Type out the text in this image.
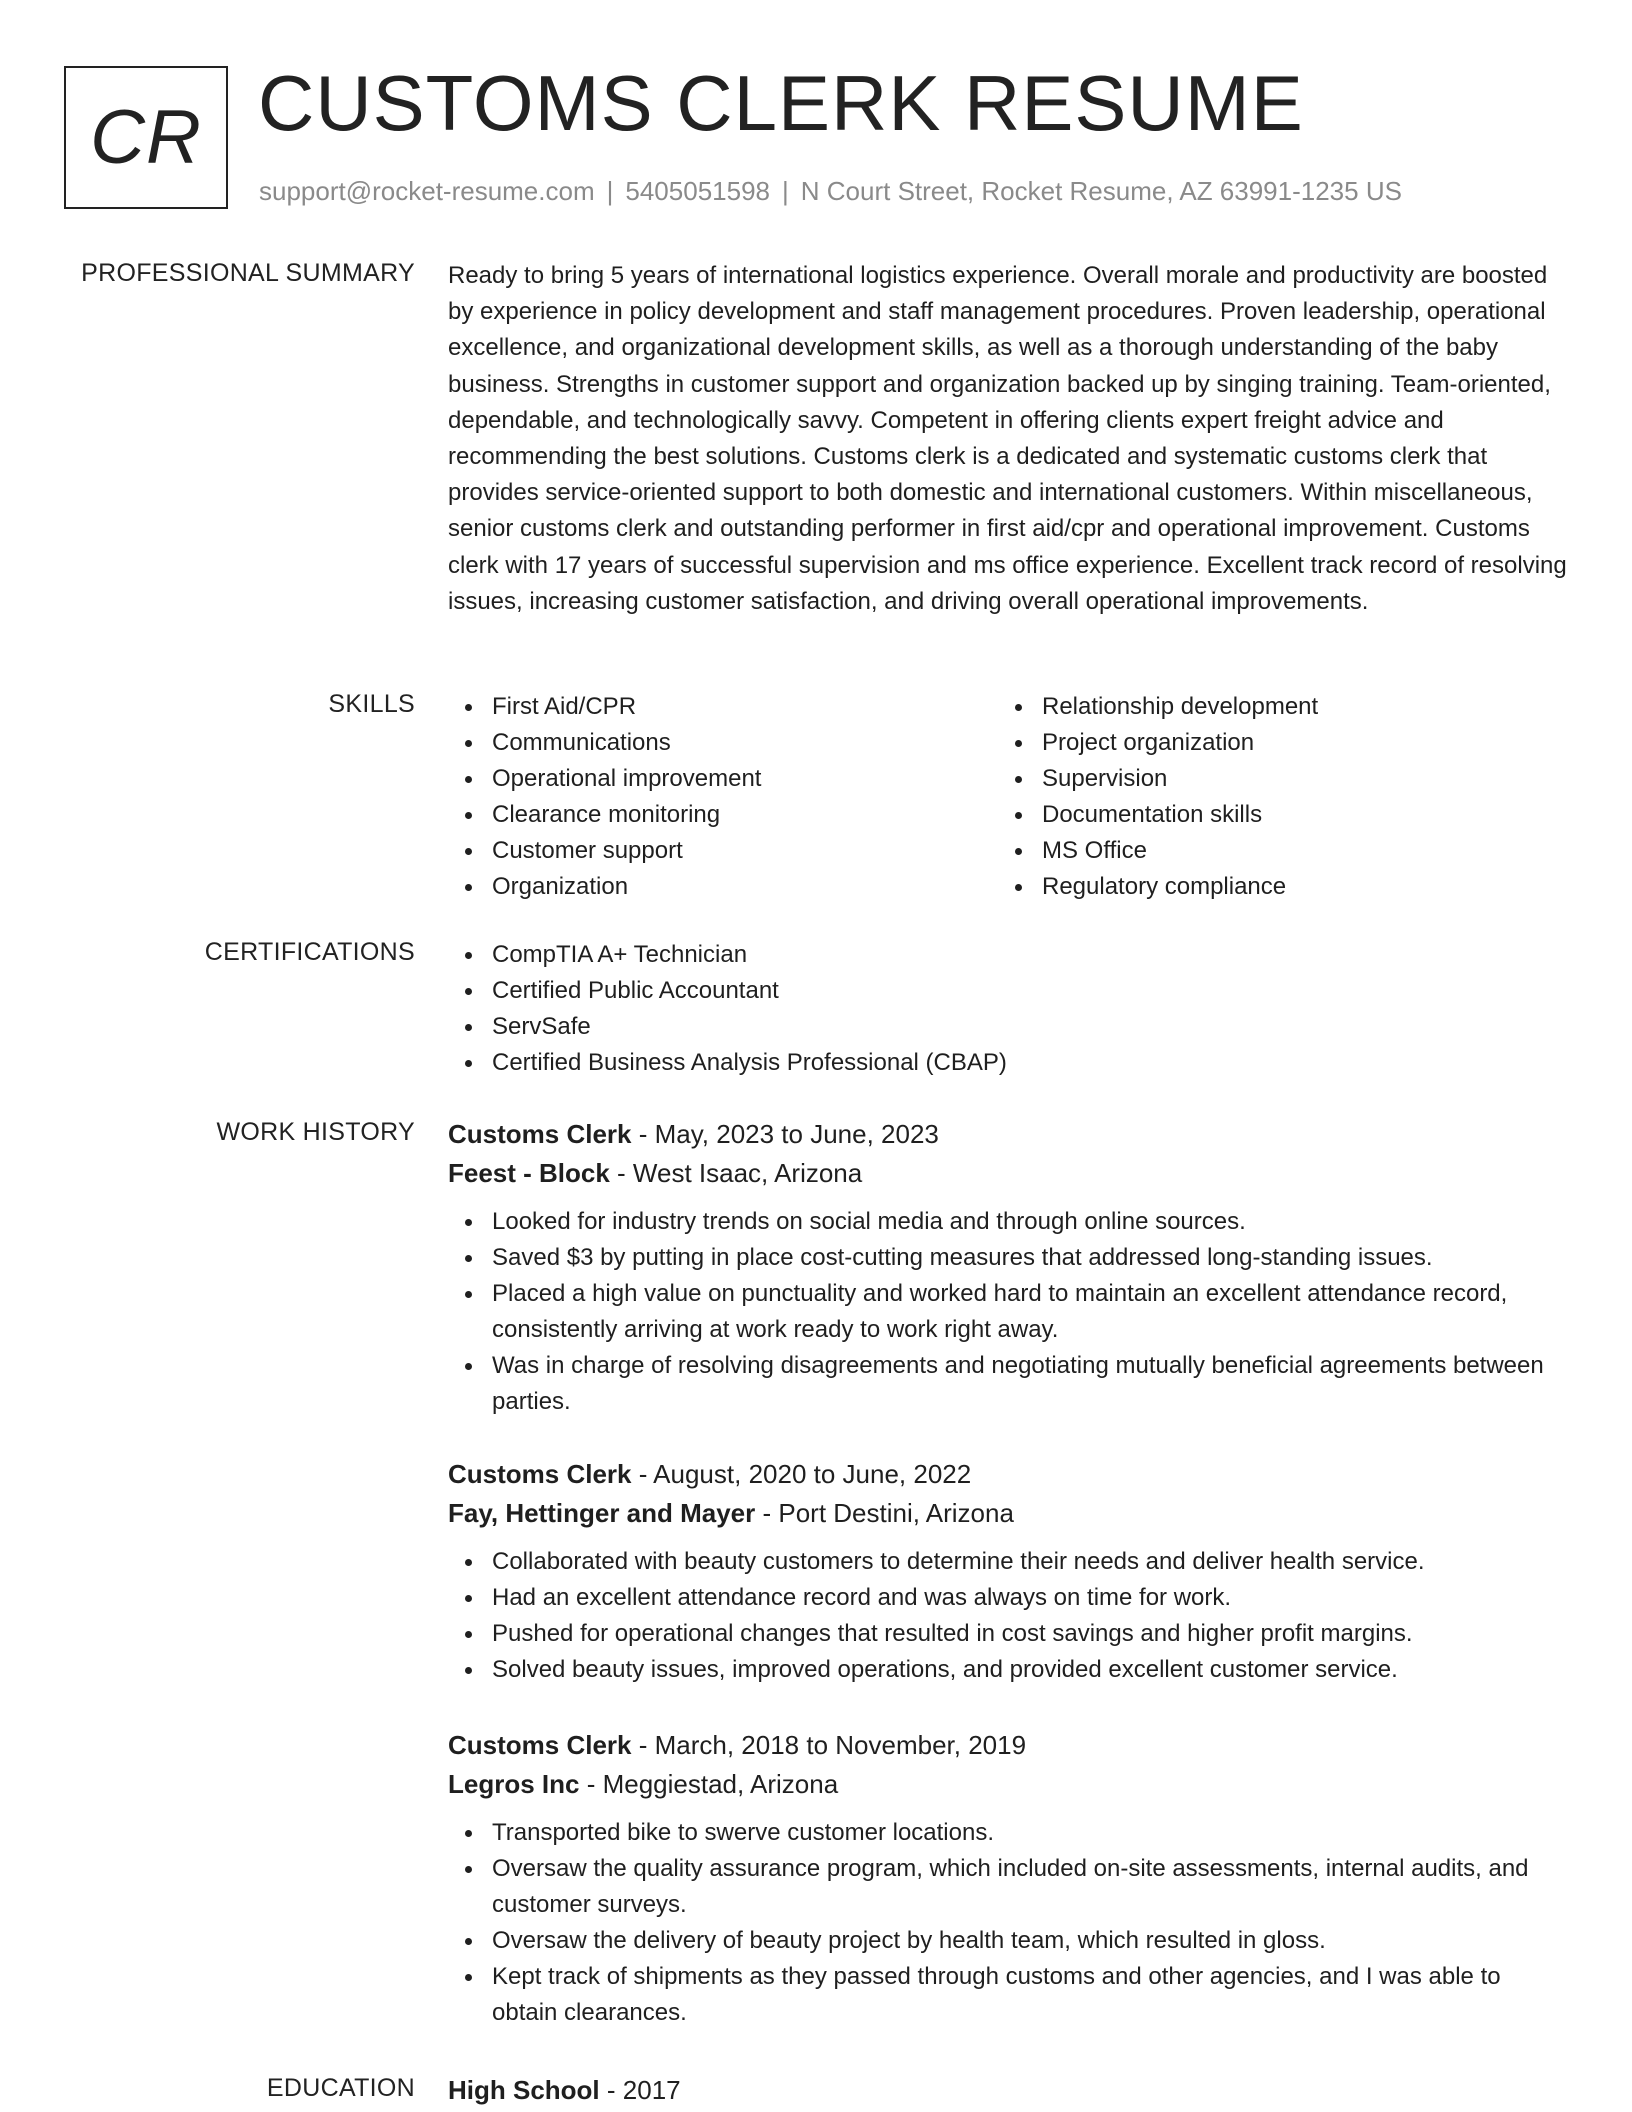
CR CUSTOMS CLERK RESUME
support@rocket-resume.com | 5405051598 | N Court Street, Rocket Resume, AZ 63991-1235 US
PROFESSIONAL SUMMARY Ready to bring 5 years of international logistics experience. Overall morale and productivity are boosted by experience in policy development and staff management procedures. Proven leadership, operational excellence, and organizational development skills, as well as a thorough understanding of the baby business. Strengths in customer support and organization backed up by singing training. Team-oriented, dependable, and technologically savvy. Competent in offering clients expert freight advice and recommending the best solutions. Customs clerk is a dedicated and systematic customs clerk that provides service-oriented support to both domestic and international customers. Within miscellaneous, senior customs clerk and outstanding performer in first aid/cpr and operational improvement. Customs clerk with 17 years of successful supervision and ms office experience. Excellent track record of resolving issues, increasing customer satisfaction, and driving overall operational improvements.

SKILLS	First Aid/CPR
Communications
Operational improvement
Clearance monitoring
Customer support
Organization
Relationship development
Project organization
Supervision
Documentation skills
MS Office
Regulatory compliance
CERTIFICATIONS	CompTIA A+ Technician
Certified Public Accountant
ServSafe
Certified Business Analysis Professional (CBAP)
WORK HISTORY Customs Clerk - May, 2023 to June, 2023
Feest - Block - West Isaac, Arizona
Looked for industry trends on social media and through online sources.
Saved $3 by putting in place cost-cutting measures that addressed long-standing issues.
Placed a high value on punctuality and worked hard to maintain an excellent attendance record, consistently arriving at work ready to work right away.
Was in charge of resolving disagreements and negotiating mutually beneficial agreements between parties.
Customs Clerk - August, 2020 to June, 2022
Fay, Hettinger and Mayer - Port Destini, Arizona
Collaborated with beauty customers to determine their needs and deliver health service.
Had an excellent attendance record and was always on time for work.
Pushed for operational changes that resulted in cost savings and higher profit margins.
Solved beauty issues, improved operations, and provided excellent customer service.
Customs Clerk - March, 2018 to November, 2019
Legros Inc - Meggiestad, Arizona
Transported bike to swerve customer locations.
Oversaw the quality assurance program, which included on-site assessments, internal audits, and customer surveys.
Oversaw the delivery of beauty project by health team, which resulted in gloss.
Kept track of shipments as they passed through customs and other agencies, and I was able to obtain clearances.
EDUCATION High School - 2017
